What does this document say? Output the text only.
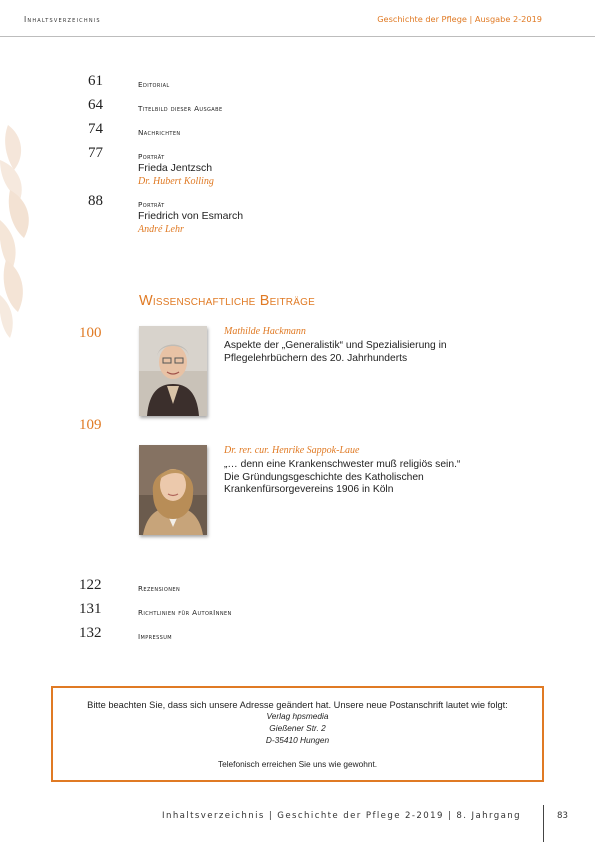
Inhaltsverzeichnis	Geschichte der Pflege | Ausgabe 2-2019
61	Editorial
64	Titelbild dieser Ausgabe
74	Nachrichten
77	Porträt
Frieda Jentzsch
Dr. Hubert Kolling
88	Porträt
Friedrich von Esmarch
André Lehr
Wissenschaftliche Beiträge
100	Mathilde Hackmann
Aspekte der „Generalistik“ und Spezialisierung in
Pflegelehrbüchern des 20. Jahrhunderts
109
Dr. rer. cur. Henrike Sappok-Laue
„… denn eine Krankenschwester muß religiös sein.“
Die Gründungsgeschichte des Katholischen
Krankenfürsorgevereins 1906 in Köln
122	Rezensionen
131	Richtlinien für AutorInnen
132	Impressum
Bitte beachten Sie, dass sich unsere Adresse geändert hat. Unsere neue Postanschrift lautet wie folgt:
Verlag hpsmedia
Gießener Str. 2
D-35410 Hungen
Telefonisch erreichen Sie uns wie gewohnt.
Inhaltsverzeichnis | Geschichte der Pflege 2-2019 | 8. Jahrgang	83
